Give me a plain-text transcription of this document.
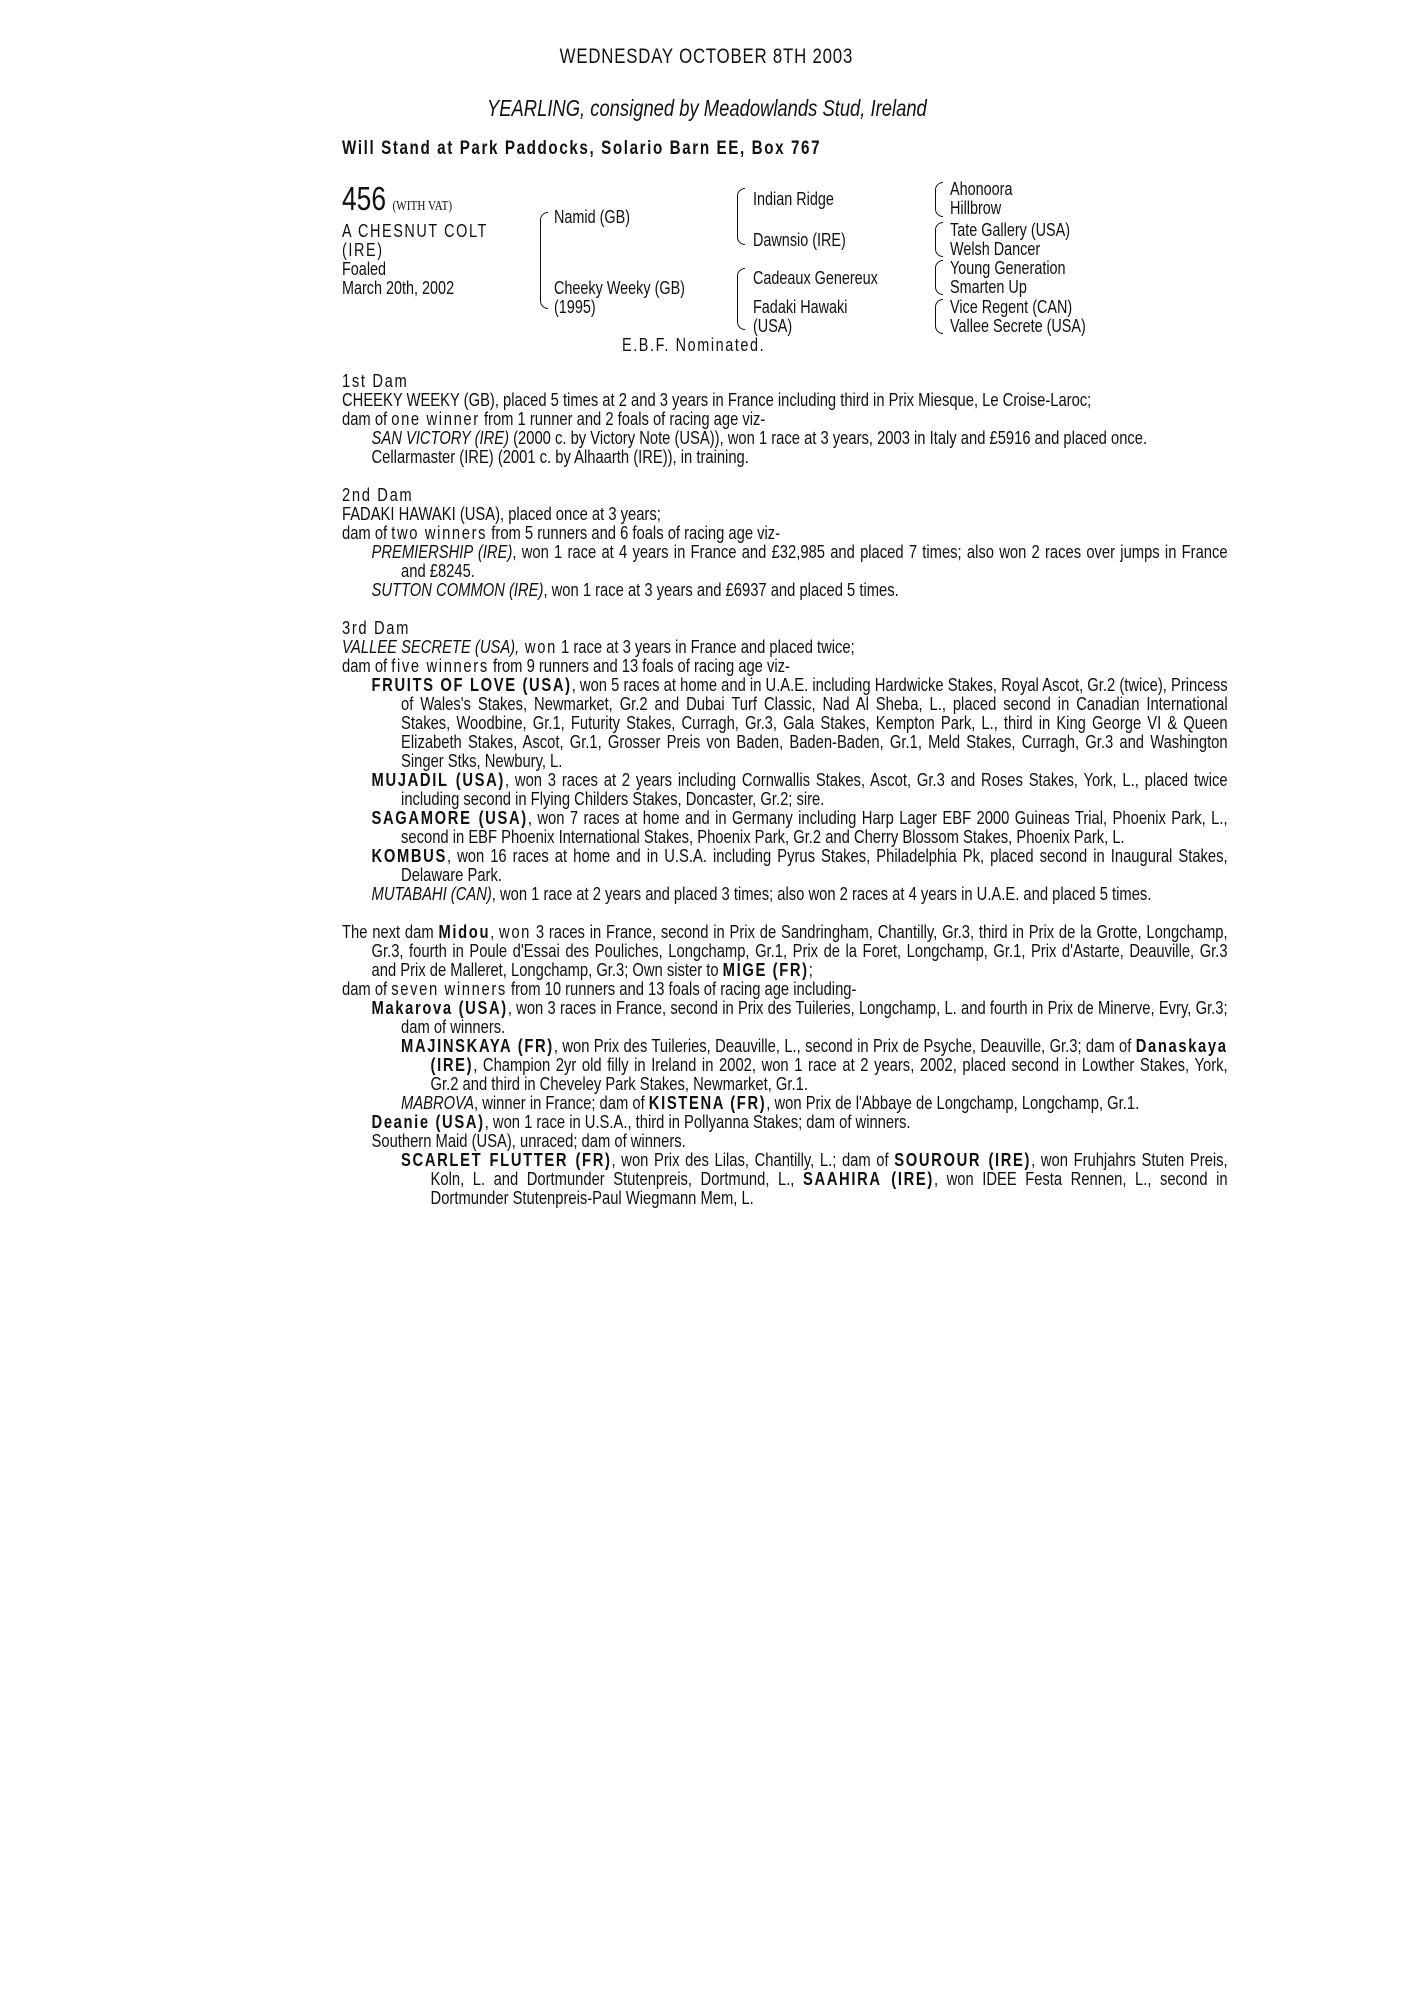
WEDNESDAY OCTOBER 8TH 2003
YEARLING, consigned by Meadowlands Stud, Ireland
Will Stand at Park Paddocks, Solario Barn EE, Box 767
456 (WITH VAT)
A CHESNUT COLT
(IRE)
Foaled
March 20th, 2002
Namid (GB)
Cheeky Weeky (GB)
(1995)
Indian Ridge
Dawnsio (IRE)
Cadeaux Genereux
Fadaki Hawaki
(USA)
Ahonoora
Hillbrow
Tate Gallery (USA)
Welsh Dancer
Young Generation
Smarten Up
Vice Regent (CAN)
Vallee Secrete (USA)
E.B.F. Nominated.
1st Dam
CHEEKY WEEKY (GB), placed 5 times at 2 and 3 years in France including third in Prix Miesque, Le Croise-Laroc;
dam of one winner from 1 runner and 2 foals of racing age viz-
SAN VICTORY (IRE) (2000 c. by Victory Note (USA)), won 1 race at 3 years, 2003 in Italy and £5916 and placed once.
Cellarmaster (IRE) (2001 c. by Alhaarth (IRE)), in training.
2nd Dam
FADAKI HAWAKI (USA), placed once at 3 years;
dam of two winners from 5 runners and 6 foals of racing age viz-
PREMIERSHIP (IRE), won 1 race at 4 years in France and £32,985 and placed 7 times; also won 2 races over jumps in France and £8245.
SUTTON COMMON (IRE), won 1 race at 3 years and £6937 and placed 5 times.
3rd Dam
VALLEE SECRETE (USA), won 1 race at 3 years in France and placed twice;
dam of five winners from 9 runners and 13 foals of racing age viz-
FRUITS OF LOVE (USA), won 5 races at home and in U.A.E. including Hardwicke Stakes, Royal Ascot, Gr.2 (twice), Princess of Wales's Stakes, Newmarket, Gr.2 and Dubai Turf Classic, Nad Al Sheba, L., placed second in Canadian International Stakes, Woodbine, Gr.1, Futurity Stakes, Curragh, Gr.3, Gala Stakes, Kempton Park, L., third in King George VI & Queen Elizabeth Stakes, Ascot, Gr.1, Grosser Preis von Baden, Baden-Baden, Gr.1, Meld Stakes, Curragh, Gr.3 and Washington Singer Stks, Newbury, L.
MUJADIL (USA), won 3 races at 2 years including Cornwallis Stakes, Ascot, Gr.3 and Roses Stakes, York, L., placed twice including second in Flying Childers Stakes, Doncaster, Gr.2; sire.
SAGAMORE (USA), won 7 races at home and in Germany including Harp Lager EBF 2000 Guineas Trial, Phoenix Park, L., second in EBF Phoenix International Stakes, Phoenix Park, Gr.2 and Cherry Blossom Stakes, Phoenix Park, L.
KOMBUS, won 16 races at home and in U.S.A. including Pyrus Stakes, Philadelphia Pk, placed second in Inaugural Stakes, Delaware Park.
MUTABAHI (CAN), won 1 race at 2 years and placed 3 times; also won 2 races at 4 years in U.A.E. and placed 5 times.
The next dam Midou, won 3 races in France, second in Prix de Sandringham, Chantilly, Gr.3, third in Prix de la Grotte, Longchamp, Gr.3, fourth in Poule d'Essai des Pouliches, Longchamp, Gr.1, Prix de la Foret, Longchamp, Gr.1, Prix d'Astarte, Deauville, Gr.3 and Prix de Malleret, Longchamp, Gr.3; Own sister to MIGE (FR);
dam of seven winners from 10 runners and 13 foals of racing age including-
Makarova (USA), won 3 races in France, second in Prix des Tuileries, Longchamp, L. and fourth in Prix de Minerve, Evry, Gr.3; dam of winners.
MAJINSKAYA (FR), won Prix des Tuileries, Deauville, L., second in Prix de Psyche, Deauville, Gr.3; dam of Danaskaya (IRE), Champion 2yr old filly in Ireland in 2002, won 1 race at 2 years, 2002, placed second in Lowther Stakes, York, Gr.2 and third in Cheveley Park Stakes, Newmarket, Gr.1.
MABROVA, winner in France; dam of KISTENA (FR), won Prix de l'Abbaye de Longchamp, Longchamp, Gr.1.
Deanie (USA), won 1 race in U.S.A., third in Pollyanna Stakes; dam of winners.
Southern Maid (USA), unraced; dam of winners.
SCARLET FLUTTER (FR), won Prix des Lilas, Chantilly, L.; dam of SOUROUR (IRE), won Fruhjahrs Stuten Preis, Koln, L. and Dortmunder Stutenpreis, Dortmund, L., SAAHIRA (IRE), won IDEE Festa Rennen, L., second in Dortmunder Stutenpreis-Paul Wiegmann Mem, L.
